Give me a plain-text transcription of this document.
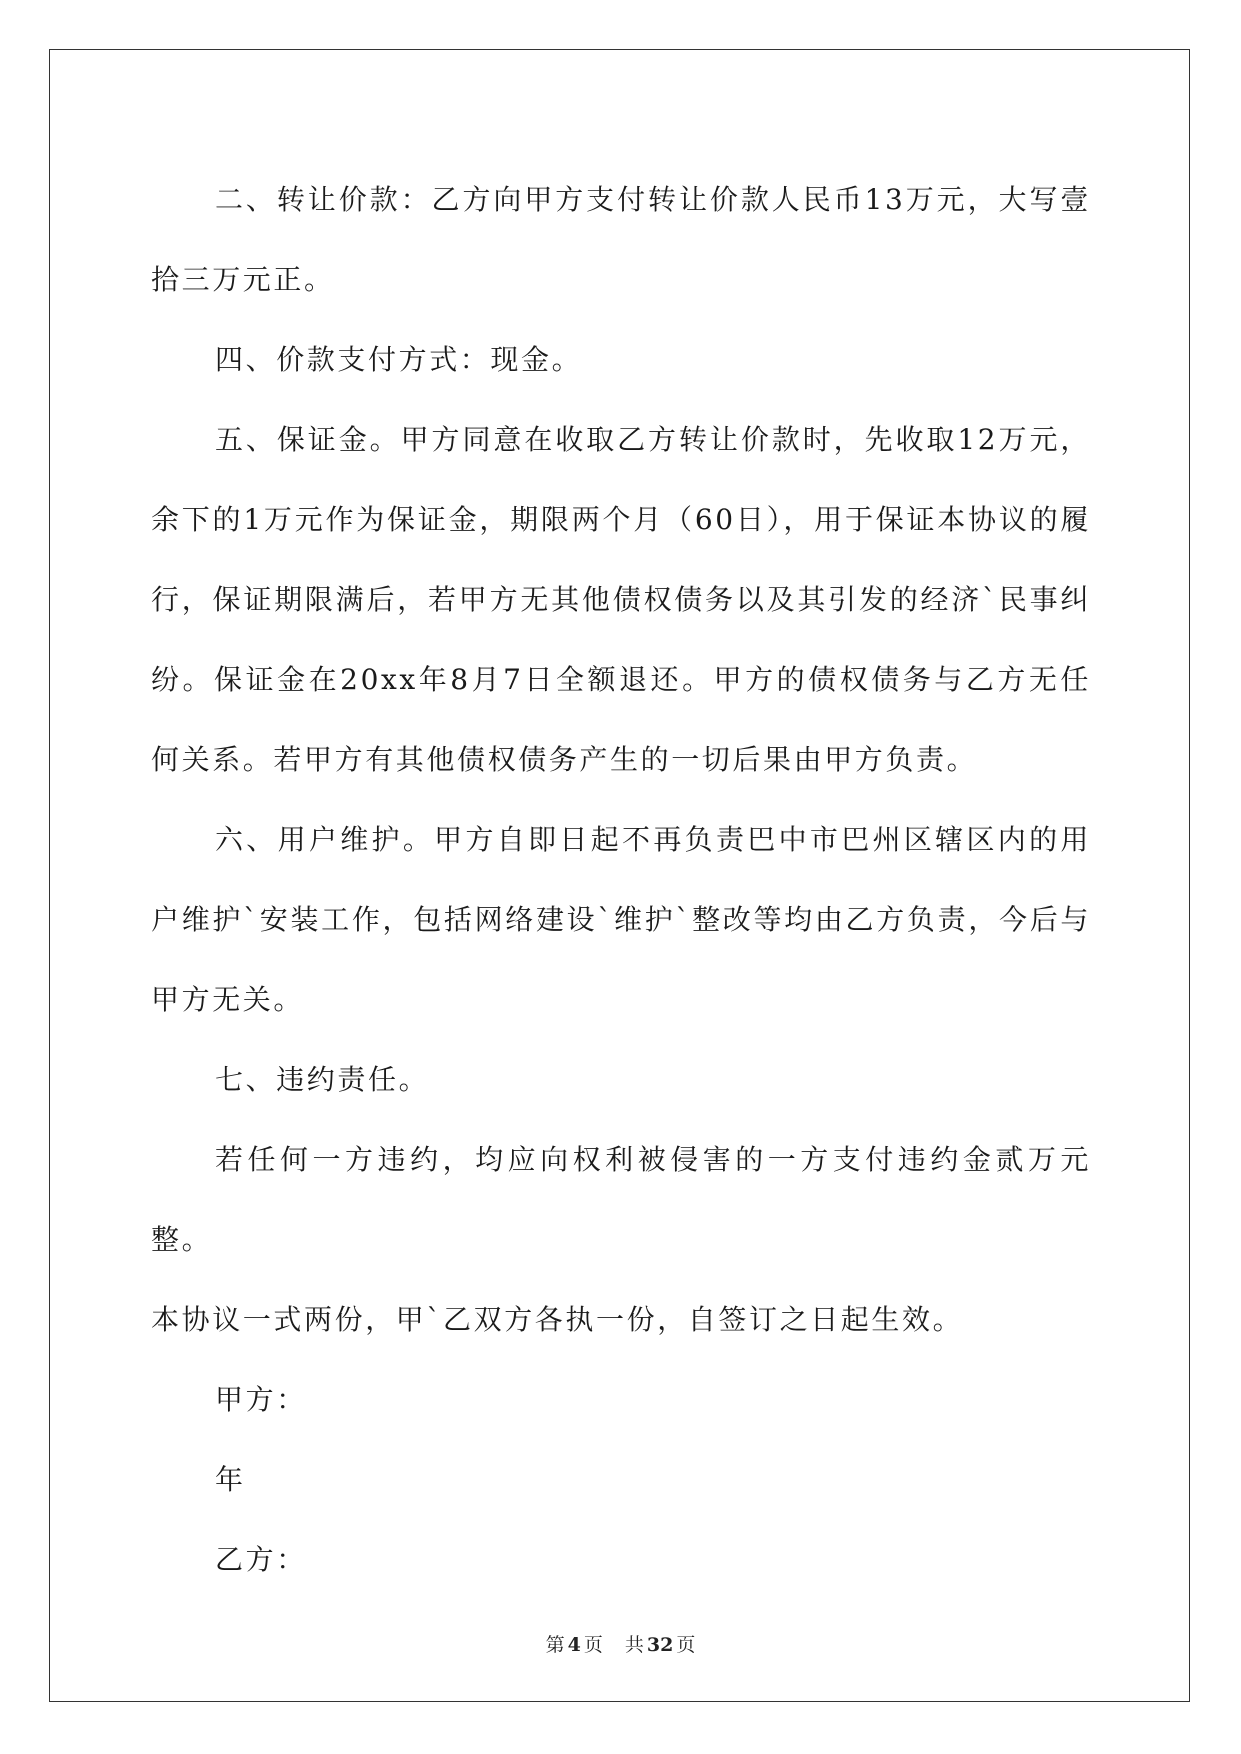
二、转让价款：乙方向甲方支付转让价款人民币13万元，大写壹拾三万元正。

四、价款支付方式：现金。

五、保证金。甲方同意在收取乙方转让价款时，先收取12万元，余下的1万元作为保证金，期限两个月（60日），用于保证本协议的履行，保证期限满后，若甲方无其他债权债务以及其引发的经济`民事纠纷。保证金在20xx年8月7日全额退还。甲方的债权债务与乙方无任何关系。若甲方有其他债权债务产生的一切后果由甲方负责。

六、用户维护。甲方自即日起不再负责巴中市巴州区辖区内的用户维护`安装工作，包括网络建设`维护`整改等均由乙方负责，今后与甲方无关。

七、违约责任。

若任何一方违约，均应向权利被侵害的一方支付违约金贰万元整。

本协议一式两份，甲`乙双方各执一份，自签订之日起生效。

甲方：

年

乙方：

第 4 页 共 32 页
